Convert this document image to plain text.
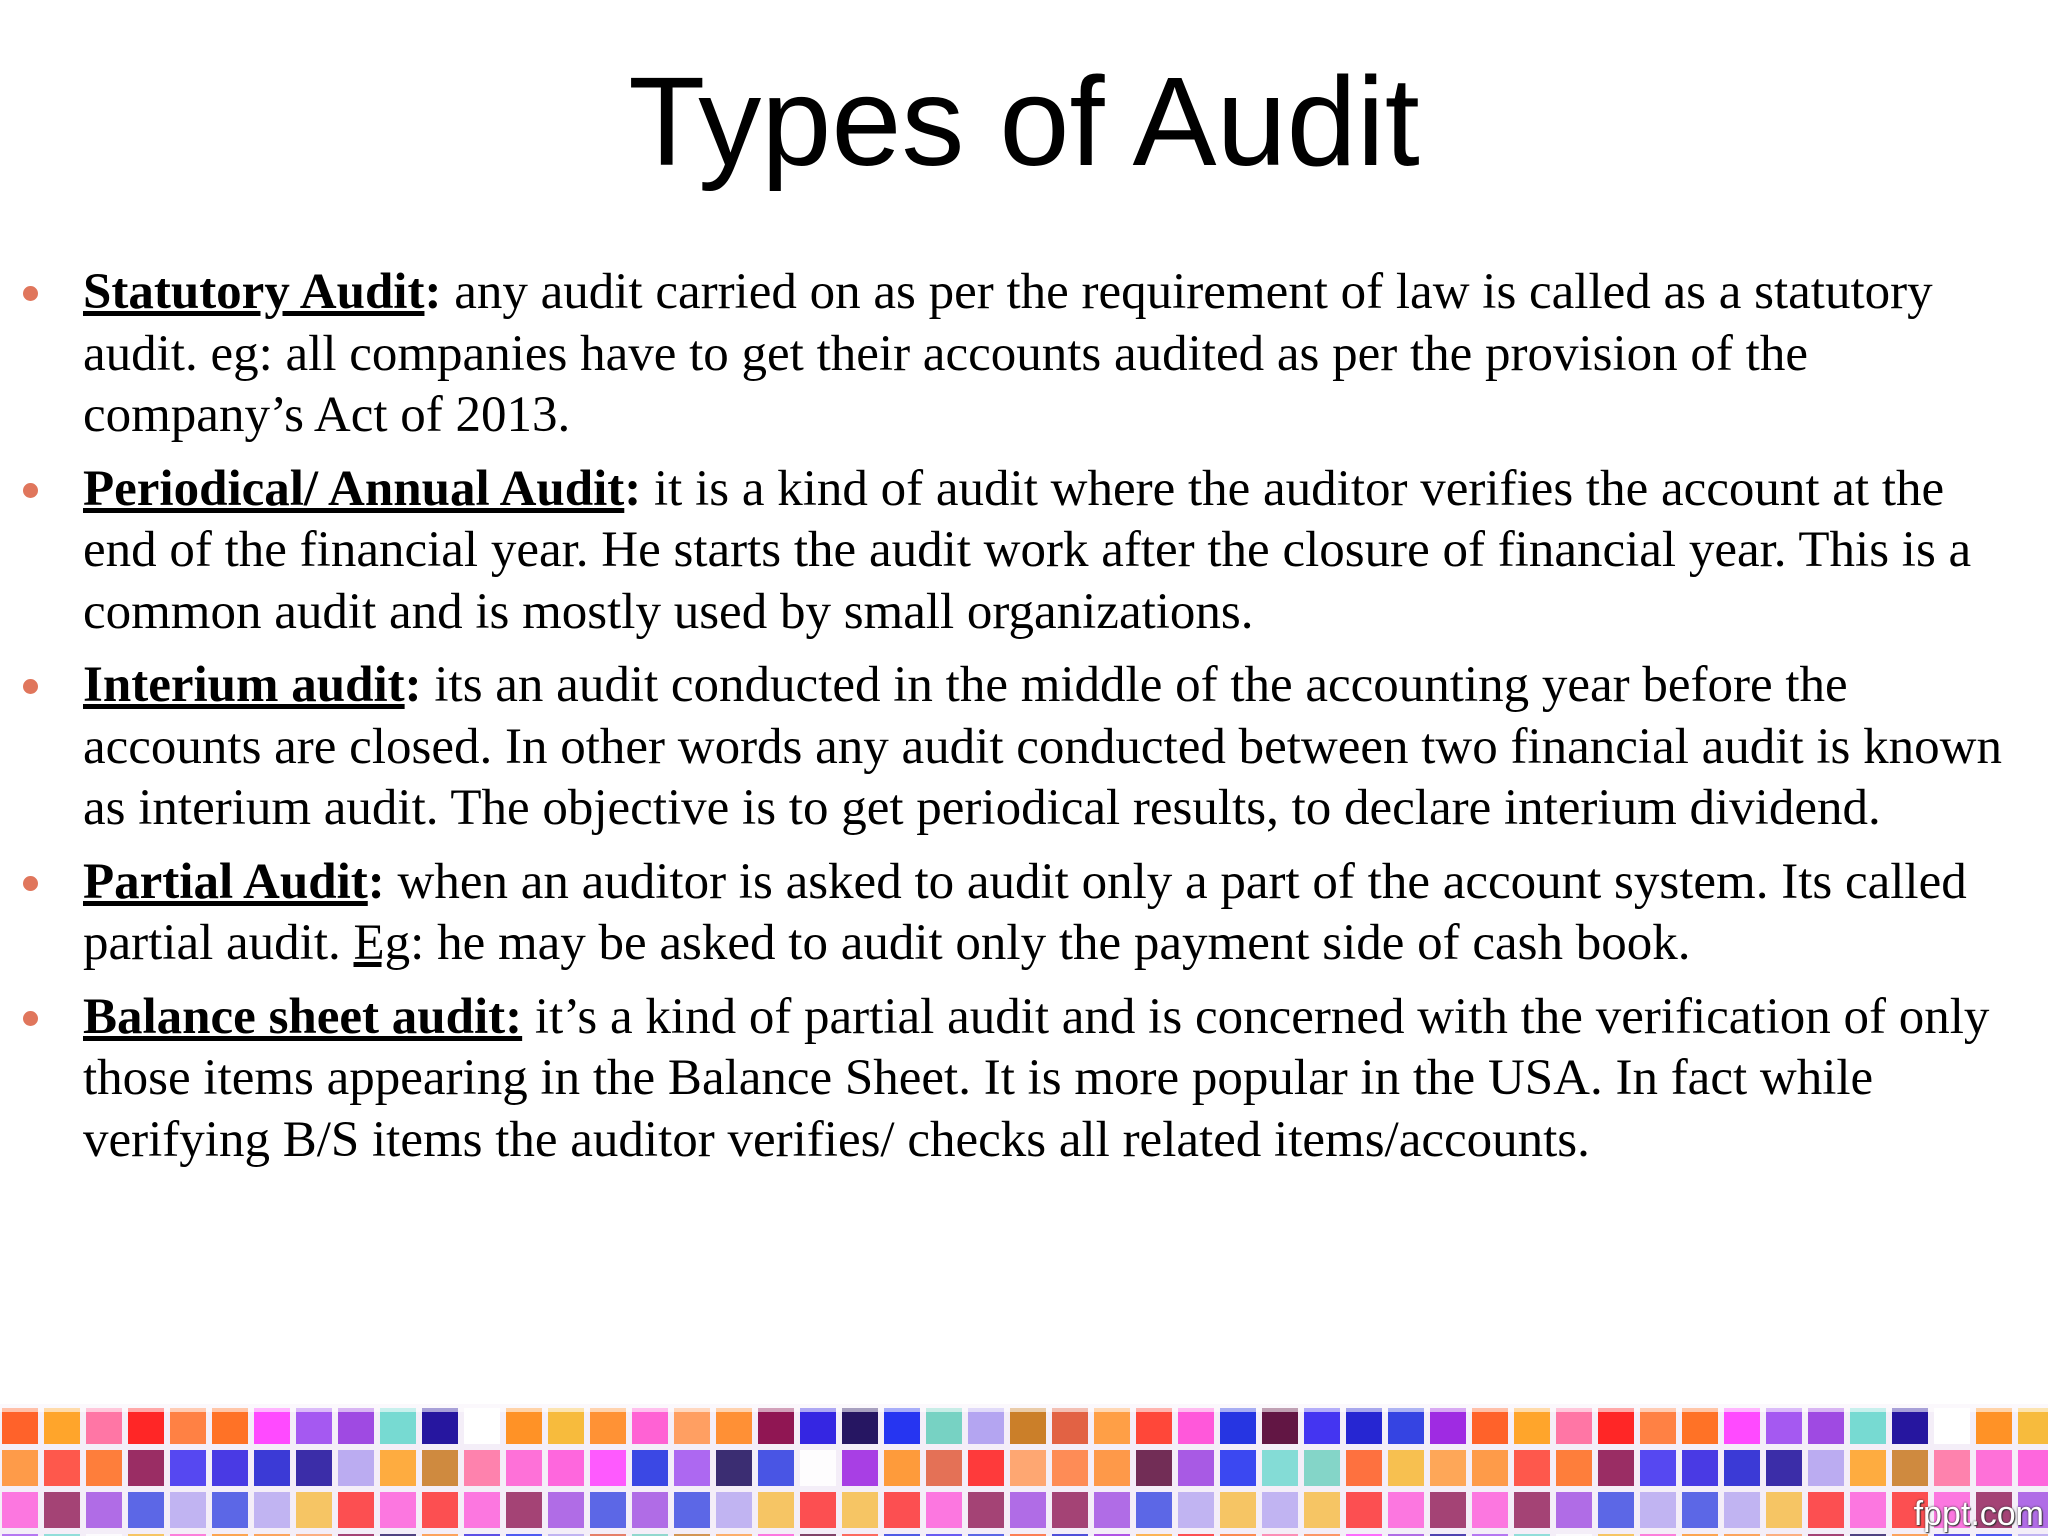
Types of Audit
Statutory Audit: any audit carried on as per the requirement of law is called as a statutory audit. eg: all companies have to get their accounts audited as per the provision of the company’s Act of 2013.
Periodical/ Annual Audit: it is a kind of audit where the auditor verifies the account at the end of the financial year. He starts the audit work after the closure of financial year. This is a common audit and is mostly used by small organizations.
Interium audit: its an audit conducted in the middle of the accounting year before the accounts are closed. In other words any audit conducted between two financial audit is known as interium audit. The objective is to get periodical results, to declare interium dividend.
Partial Audit: when an auditor is asked to audit only a part of the account system. Its called partial audit. Eg: he may be asked to audit only the payment side of cash book.
Balance sheet audit: it’s a kind of partial audit and is concerned with the verification of only those items appearing in the Balance Sheet. It is more popular in the USA. In fact while verifying B/S items the auditor verifies/ checks all related items/accounts.
fppt.com
